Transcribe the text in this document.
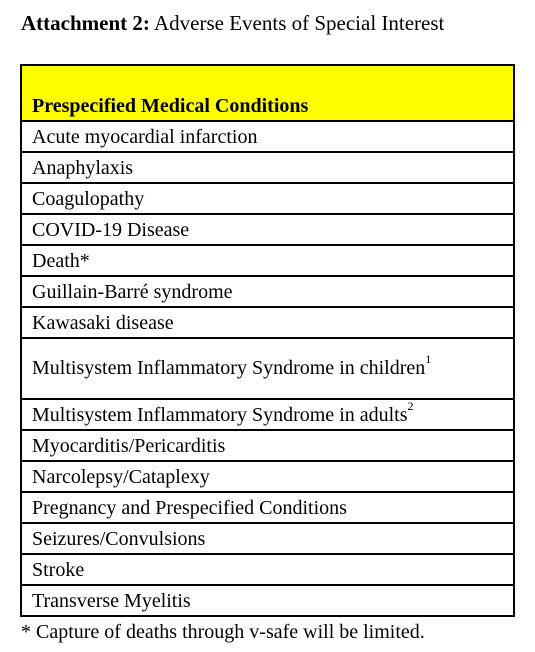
Attachment 2: Adverse Events of Special Interest
Prespecified Medical Conditions
Acute myocardial infarction
Anaphylaxis
Coagulopathy
COVID-19 Disease
Death*
Guillain-Barré syndrome
Kawasaki disease
Multisystem Inflammatory Syndrome in children$^1$
Multisystem Inflammatory Syndrome in adults$^2$
Myocarditis/Pericarditis
Narcolepsy/Cataplexy
Pregnancy and Prespecified Conditions
Seizures/Convulsions
Stroke
Transverse Myelitis
* Capture of deaths through v-safe will be limited.
